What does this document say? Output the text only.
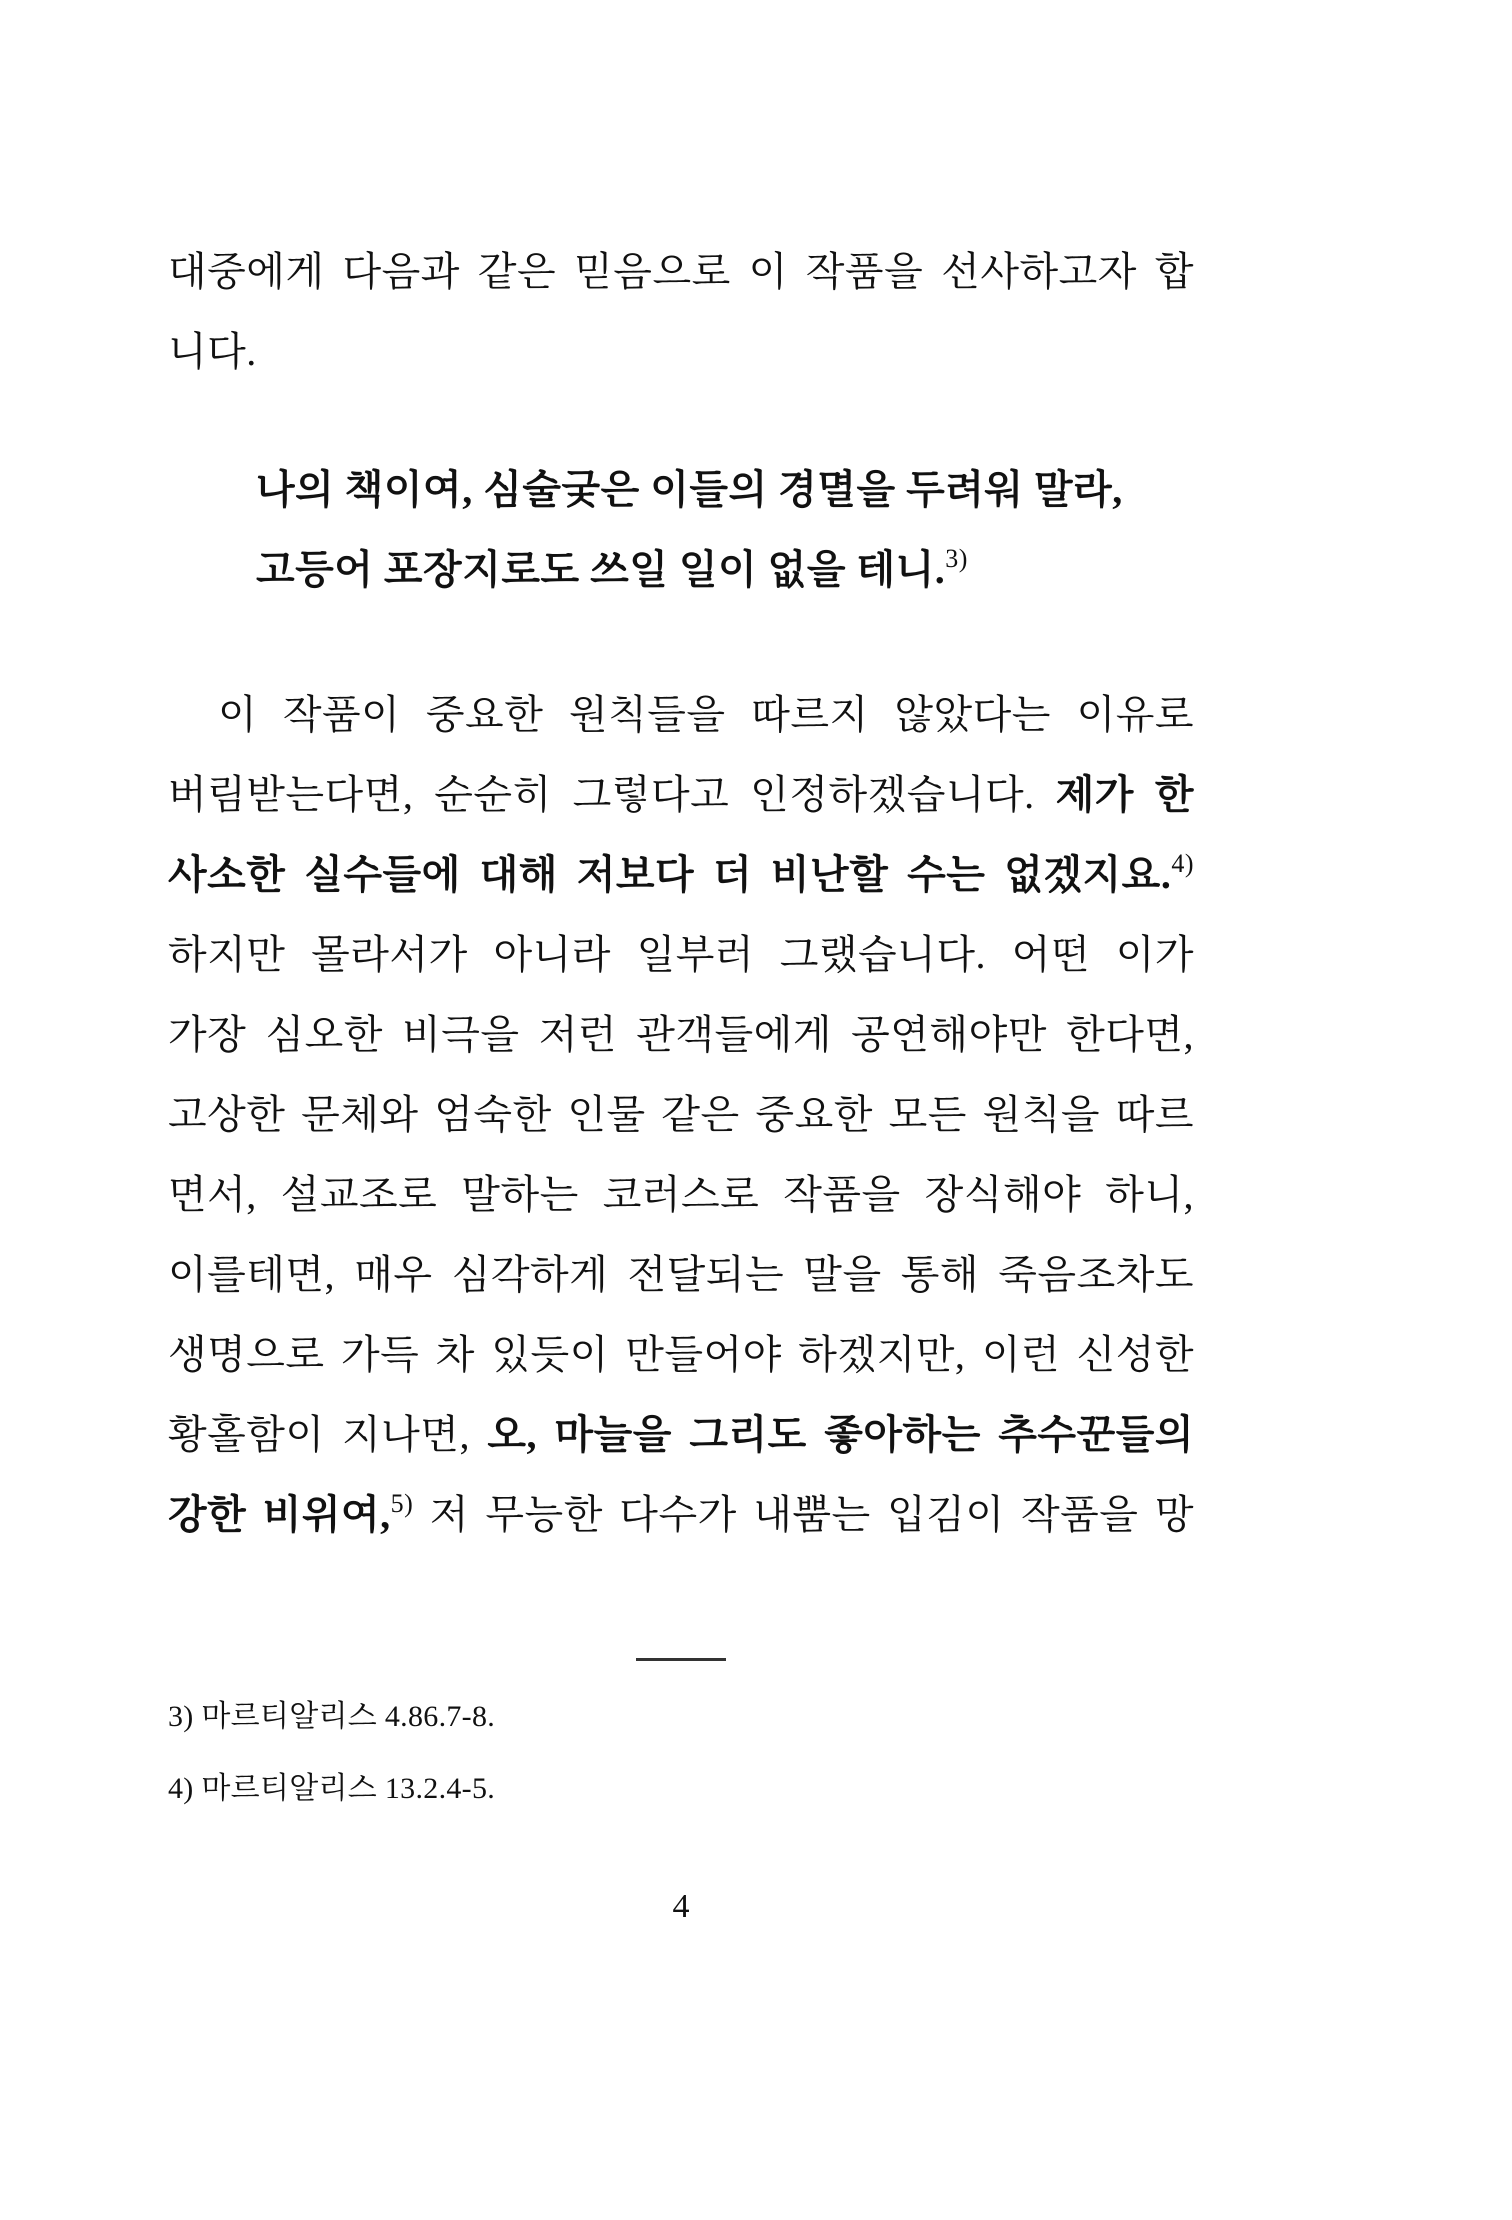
대중에게 다음과 같은 믿음으로 이 작품을 선사하고자 합
니다.
나의 책이여, 심술궂은 이들의 경멸을 두려워 말라,
고등어 포장지로도 쓰일 일이 없을 테니.$^{3)}$
이 작품이 중요한 원칙들을 따르지 않았다는 이유로
버림받는다면, 순순히 그렇다고 인정하겠습니다. 제가 한
사소한 실수들에 대해 저보다 더 비난할 수는 없겠지요.$^{4)}$
하지만 몰라서가 아니라 일부러 그랬습니다. 어떤 이가
가장 심오한 비극을 저런 관객들에게 공연해야만 한다면,
고상한 문체와 엄숙한 인물 같은 중요한 모든 원칙을 따르
면서, 설교조로 말하는 코러스로 작품을 장식해야 하니,
이를테면, 매우 심각하게 전달되는 말을 통해 죽음조차도
생명으로 가득 차 있듯이 만들어야 하겠지만, 이런 신성한
황홀함이 지나면, 오, 마늘을 그리도 좋아하는 추수꾼들의
강한 비위여,$^{5)}$ 저 무능한 다수가 내뿜는 입김이 작품을 망
3) 마르티알리스 4.86.7-8.
4) 마르티알리스 13.2.4-5.
4
